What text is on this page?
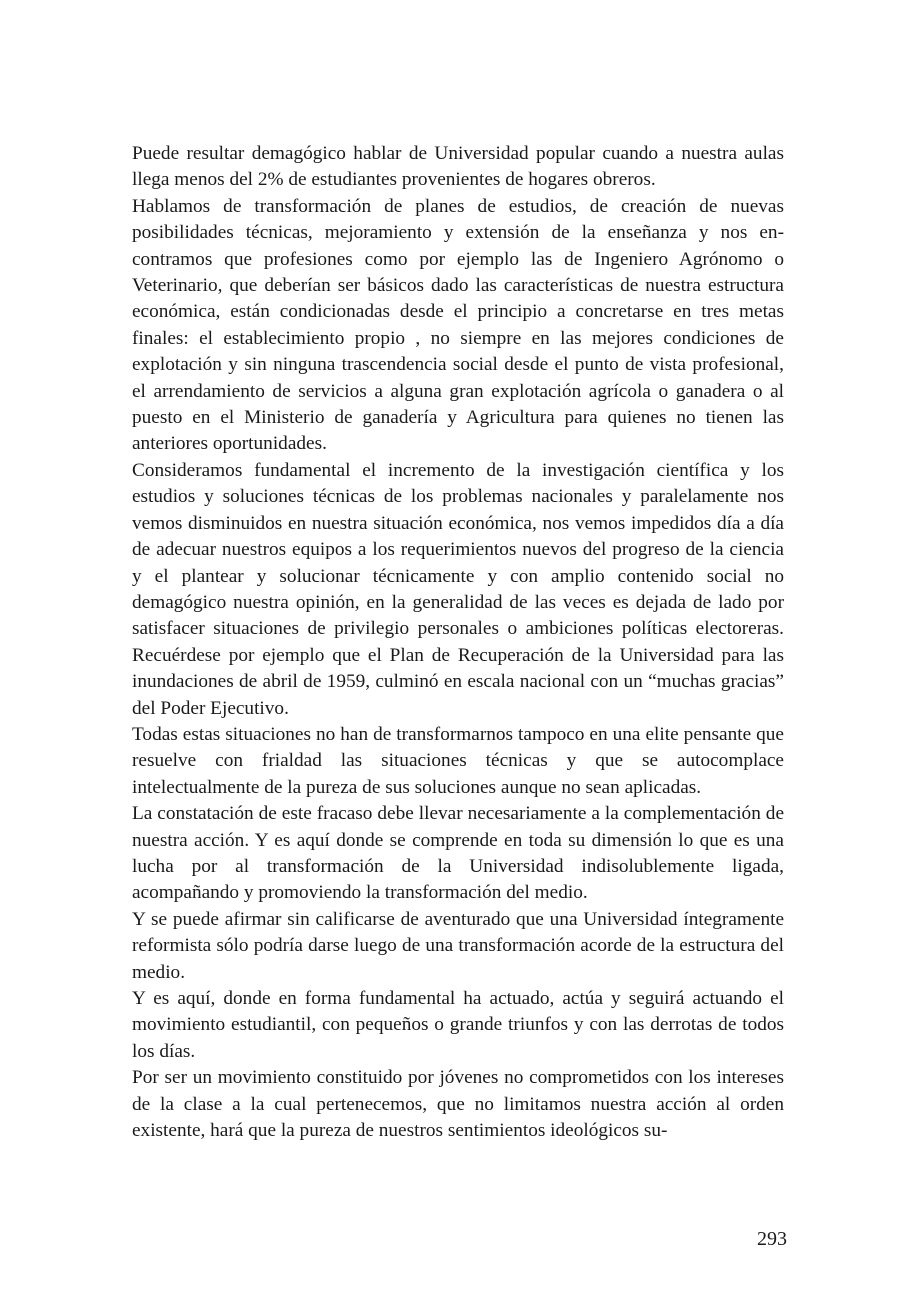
Puede resultar demagógico hablar de Universidad popular cuando a nuestra aulas llega menos del 2% de estudiantes provenientes de hogares obreros.

Hablamos de transformación de planes de estudios, de creación de nuevas posibilidades técnicas, mejoramiento y extensión de la enseñanza y nos encontramos que profesiones como por ejemplo las de Ingeniero Agrónomo o Veterinario, que deberían ser básicos dado las características de nuestra estructura económica, están condicionadas desde el principio a concretarse en tres metas finales: el establecimiento propio , no siempre en las mejores condiciones de explotación y sin ninguna trascendencia social desde el punto de vista profesional, el arrendamiento de servicios a alguna gran explotación agrícola o ganadera o al puesto en el Ministerio de ganadería y Agricultura para quienes no tienen las anteriores oportunidades.

Consideramos fundamental el incremento de la investigación científica y los estudios y soluciones técnicas de los problemas nacionales y paralelamente nos vemos disminuidos en nuestra situación económica, nos vemos impedidos día a día de adecuar nuestros equipos a los requerimientos nuevos del progreso de la ciencia y el plantear y solucionar técnicamente y con amplio contenido social no demagógico nuestra opinión, en la generalidad de las veces es dejada de lado por satisfacer situaciones de privilegio personales o ambiciones políticas electoreras. Recuérdese por ejemplo que el Plan de Recuperación de la Universidad para las inundaciones de abril de 1959, culminó en escala nacional con un “muchas gracias” del Poder Ejecutivo.

Todas estas situaciones no han de transformarnos tampoco en una elite pensante que resuelve con frialdad las situaciones técnicas y que se autocomplace intelectualmente de la pureza de sus soluciones aunque no sean aplicadas.

La constatación de este fracaso debe llevar necesariamente a la complementación de nuestra acción. Y es aquí donde se comprende en toda su dimensión lo que es una lucha por al transformación de la Universidad indisolublemente ligada, acompañando y promoviendo la transformación del medio.

Y se puede afirmar sin calificarse de aventurado que una Universidad íntegramente reformista sólo podría darse luego de una transformación acorde de la estructura del medio.

Y es aquí, donde en forma fundamental ha actuado, actúa y seguirá actuando el movimiento estudiantil, con pequeños o grande triunfos y con las derrotas de todos los días.

Por ser un movimiento constituido por jóvenes no comprometidos con los intereses de la clase a la cual pertenecemos, que no limitamos nuestra acción al orden existente, hará que la pureza de nuestros sentimientos ideológicos su-

293
